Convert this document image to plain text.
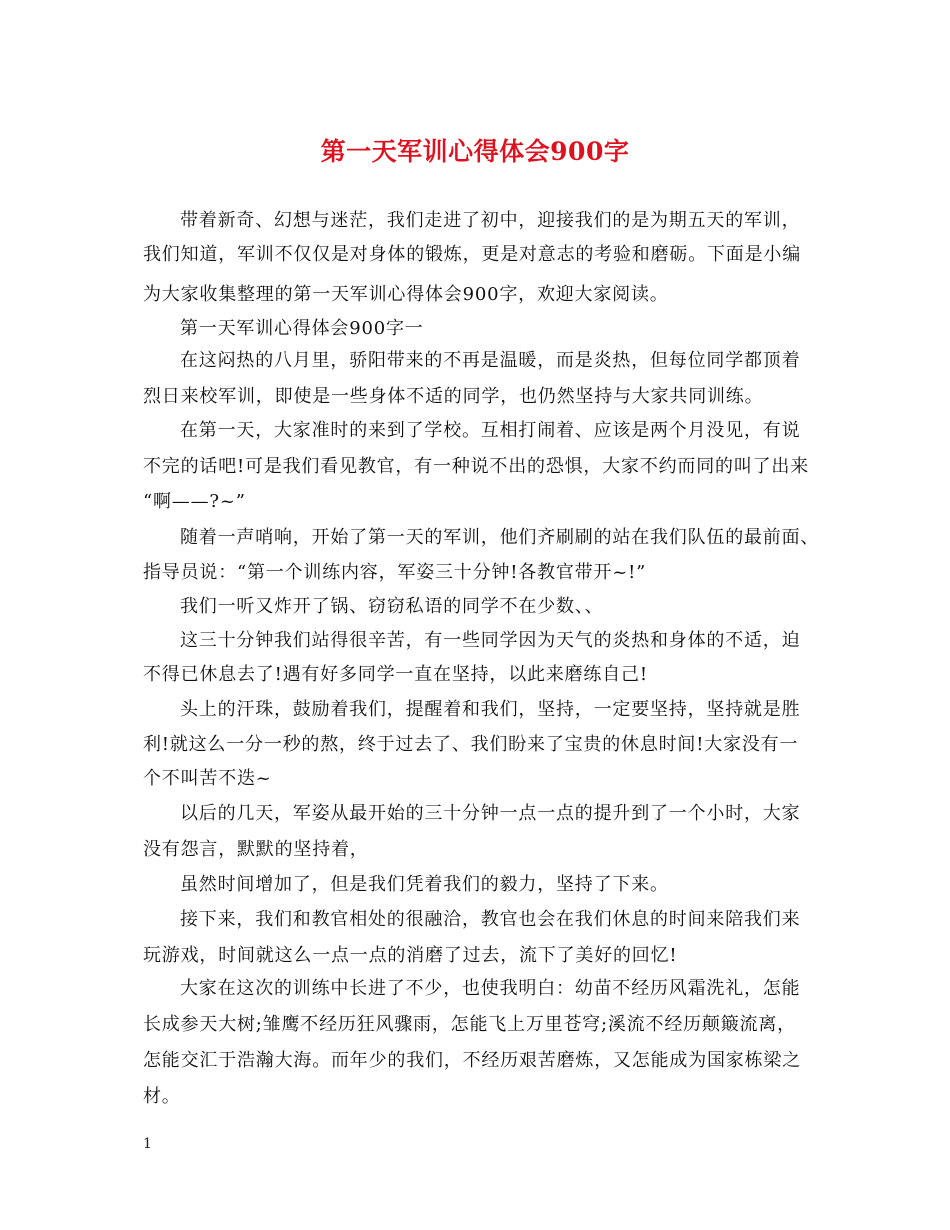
第一天军训心得体会900字
带着新奇、幻想与迷茫，我们走进了初中，迎接我们的是为期五天的军训，
我们知道，军训不仅仅是对身体的锻炼，更是对意志的考验和磨砺。下面是小编
为大家收集整理的第一天军训心得体会900字，欢迎大家阅读。
第一天军训心得体会900字一
在这闷热的八月里，骄阳带来的不再是温暖，而是炎热，但每位同学都顶着
烈日来校军训，即使是一些身体不适的同学，也仍然坚持与大家共同训练。
在第一天，大家准时的来到了学校。互相打闹着、应该是两个月没见，有说
不完的话吧!可是我们看见教官，有一种说不出的恐惧，大家不约而同的叫了出来
“啊——?~”
随着一声哨响，开始了第一天的军训，他们齐刷刷的站在我们队伍的最前面、
指导员说：“第一个训练内容，军姿三十分钟!各教官带开~!”
我们一听又炸开了锅、窃窃私语的同学不在少数、、
这三十分钟我们站得很辛苦，有一些同学因为天气的炎热和身体的不适，迫
不得已休息去了!遇有好多同学一直在坚持，以此来磨练自己!
头上的汗珠，鼓励着我们，提醒着和我们，坚持，一定要坚持，坚持就是胜
利!就这么一分一秒的熬，终于过去了、我们盼来了宝贵的休息时间!大家没有一
个不叫苦不迭~
以后的几天，军姿从最开始的三十分钟一点一点的提升到了一个小时，大家
没有怨言，默默的坚持着，
虽然时间增加了，但是我们凭着我们的毅力，坚持了下来。
接下来，我们和教官相处的很融洽，教官也会在我们休息的时间来陪我们来
玩游戏，时间就这么一点一点的消磨了过去，流下了美好的回忆!
大家在这次的训练中长进了不少，也使我明白：幼苗不经历风霜洗礼，怎能
长成参天大树;雏鹰不经历狂风骤雨，怎能飞上万里苍穹;溪流不经历颠簸流离，
怎能交汇于浩瀚大海。而年少的我们，不经历艰苦磨炼，又怎能成为国家栋梁之
材。
1
